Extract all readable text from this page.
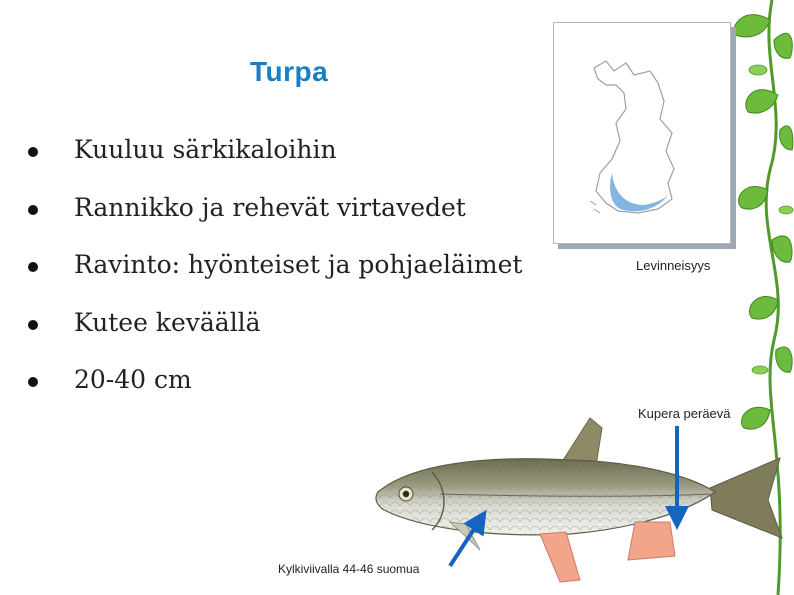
Turpa
Kuuluu särkikaloihin
Rannikko ja rehevät virtavedet
Ravinto: hyönteiset ja pohjaeläimet
Kutee keväällä
20-40 cm
Levinneisyys
Kupera peräevä
Kylkiviivalla 44-46 suomua
